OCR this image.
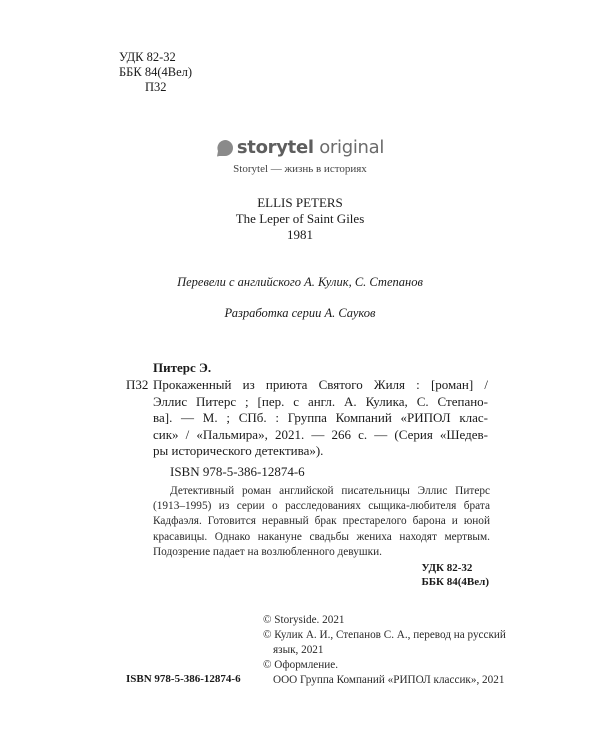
УДК 82-32
ББК 84(4Вел)
П32
storytel original
Storytel — жизнь в историях
ELLIS PETERS
The Leper of Saint Giles
1981
Перевели с английского А. Кулик, С. Степанов
Разработка серии А. Сауков
Питерс Э.
П32 Прокаженный из приюта Святого Жиля : [роман] /
Эллис Питерс ; [пер. с англ. А. Кулика, С. Степано-
ва]. — М. ; СПб. : Группа Компаний «РИПОЛ клас-
сик» / «Пальмира», 2021. — 266 с. — (Серия «Шедев-
ры исторического детектива»).
ISBN 978-5-386-12874-6
Детективный роман английской писательницы Эллис Питерс
(1913–1995) из серии о расследованиях сыщика-любителя брата
Кадфаэля. Готовится неравный брак престарелого барона и юной
красавицы. Однако накануне свадьбы жениха находят мертвым.
Подозрение падает на возлюбленного девушки.
УДК 82-32
ББК 84(4Вел)
© Storyside. 2021
© Кулик А. И., Степанов С. А., перевод на русский
язык, 2021
© Оформление.
ООО Группа Компаний «РИПОЛ классик», 2021
ISBN 978-5-386-12874-6
